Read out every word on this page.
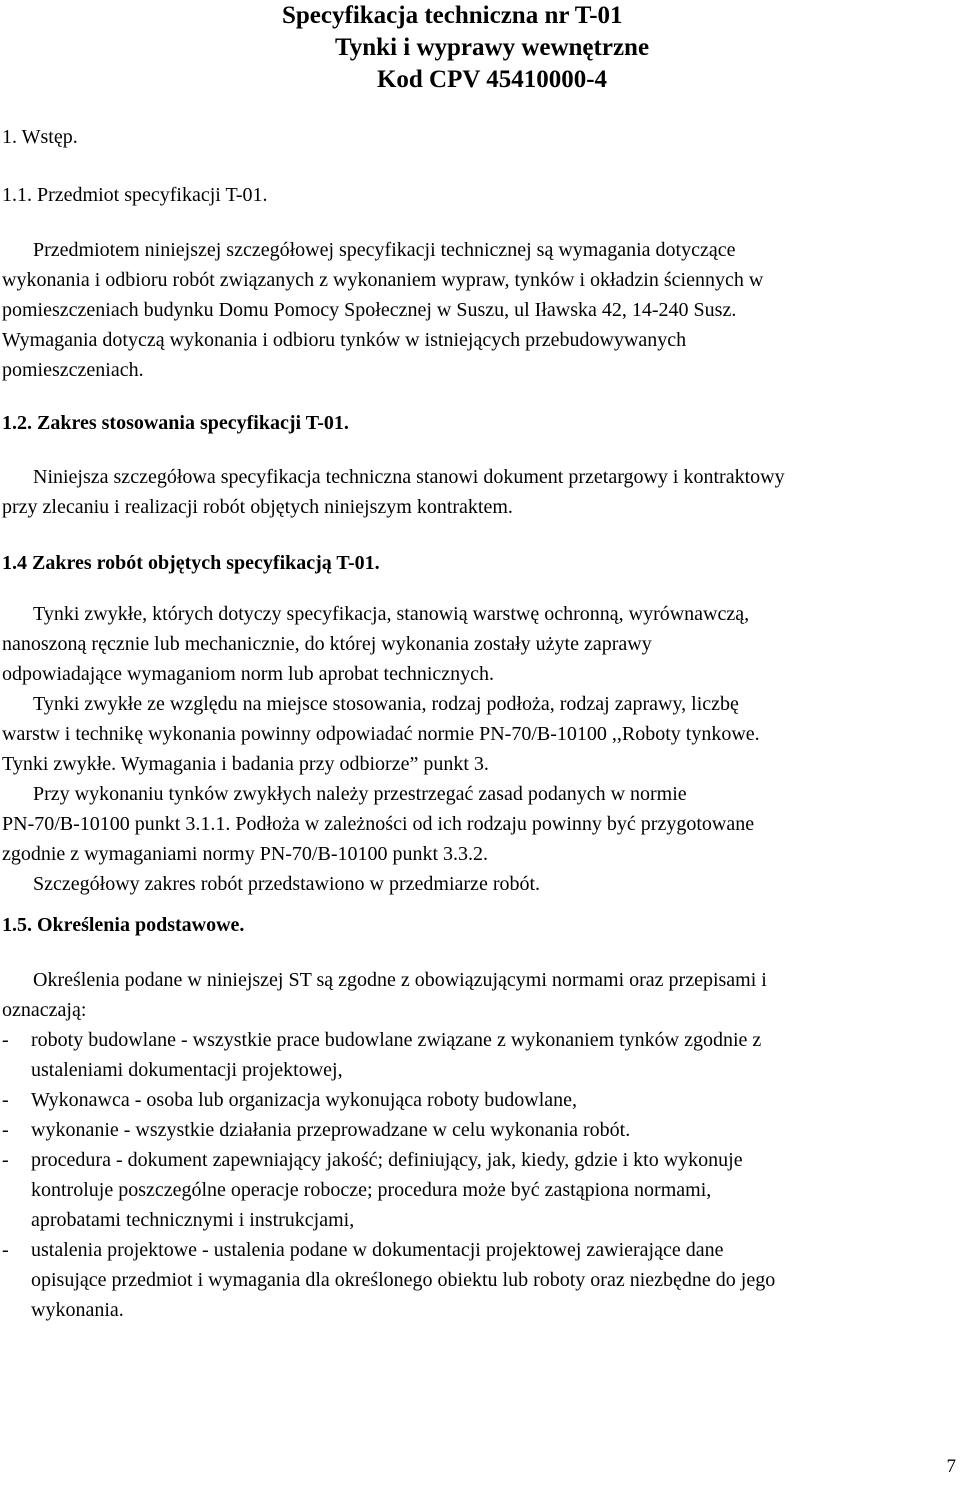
Specyfikacja techniczna nr T-01
Tynki i wyprawy wewnętrzne
Kod CPV 45410000-4
1. Wstęp.
1.1. Przedmiot specyfikacji T-01.
Przedmiotem niniejszej szczegółowej specyfikacji technicznej są wymagania dotyczące
wykonania i odbioru robót związanych z wykonaniem wypraw, tynków i okładzin ściennych w
pomieszczeniach budynku Domu Pomocy Społecznej w Suszu, ul Iławska 42, 14-240 Susz.
Wymagania dotyczą wykonania i odbioru tynków w istniejących przebudowywanych
pomieszczeniach.
1.2. Zakres stosowania specyfikacji T-01.
Niniejsza szczegółowa specyfikacja techniczna stanowi dokument przetargowy i kontraktowy
przy zlecaniu i realizacji robót objętych niniejszym kontraktem.
1.4 Zakres robót objętych specyfikacją T-01.
Tynki zwykłe, których dotyczy specyfikacja, stanowią warstwę ochronną, wyrównawczą,
nanoszoną ręcznie lub mechanicznie, do której wykonania zostały użyte zaprawy
odpowiadające wymaganiom norm lub aprobat technicznych.
Tynki zwykłe ze względu na miejsce stosowania, rodzaj podłoża, rodzaj zaprawy, liczbę
warstw i technikę wykonania powinny odpowiadać normie PN-70/B-10100 ,,Roboty tynkowe.
Tynki zwykłe. Wymagania i badania przy odbiorze” punkt 3.
Przy wykonaniu tynków zwykłych należy przestrzegać zasad podanych w normie
PN-70/B-10100 punkt 3.1.1. Podłoża w zależności od ich rodzaju powinny być przygotowane
zgodnie z wymaganiami normy PN-70/B-10100 punkt 3.3.2.
Szczegółowy zakres robót przedstawiono w przedmiarze robót.
1.5. Określenia podstawowe.
Określenia podane w niniejszej ST są zgodne z obowiązującymi normami oraz przepisami i
oznaczają:
- roboty budowlane - wszystkie prace budowlane związane z wykonaniem tynków zgodnie z
ustaleniami dokumentacji projektowej,
- Wykonawca - osoba lub organizacja wykonująca roboty budowlane,
- wykonanie - wszystkie działania przeprowadzane w celu wykonania robót.
- procedura - dokument zapewniający jakość; definiujący, jak, kiedy, gdzie i kto wykonuje
kontroluje poszczególne operacje robocze; procedura może być zastąpiona normami,
aprobatami technicznymi i instrukcjami,
- ustalenia projektowe - ustalenia podane w dokumentacji projektowej zawierające dane
opisujące przedmiot i wymagania dla określonego obiektu lub roboty oraz niezbędne do jego
wykonania.
7
